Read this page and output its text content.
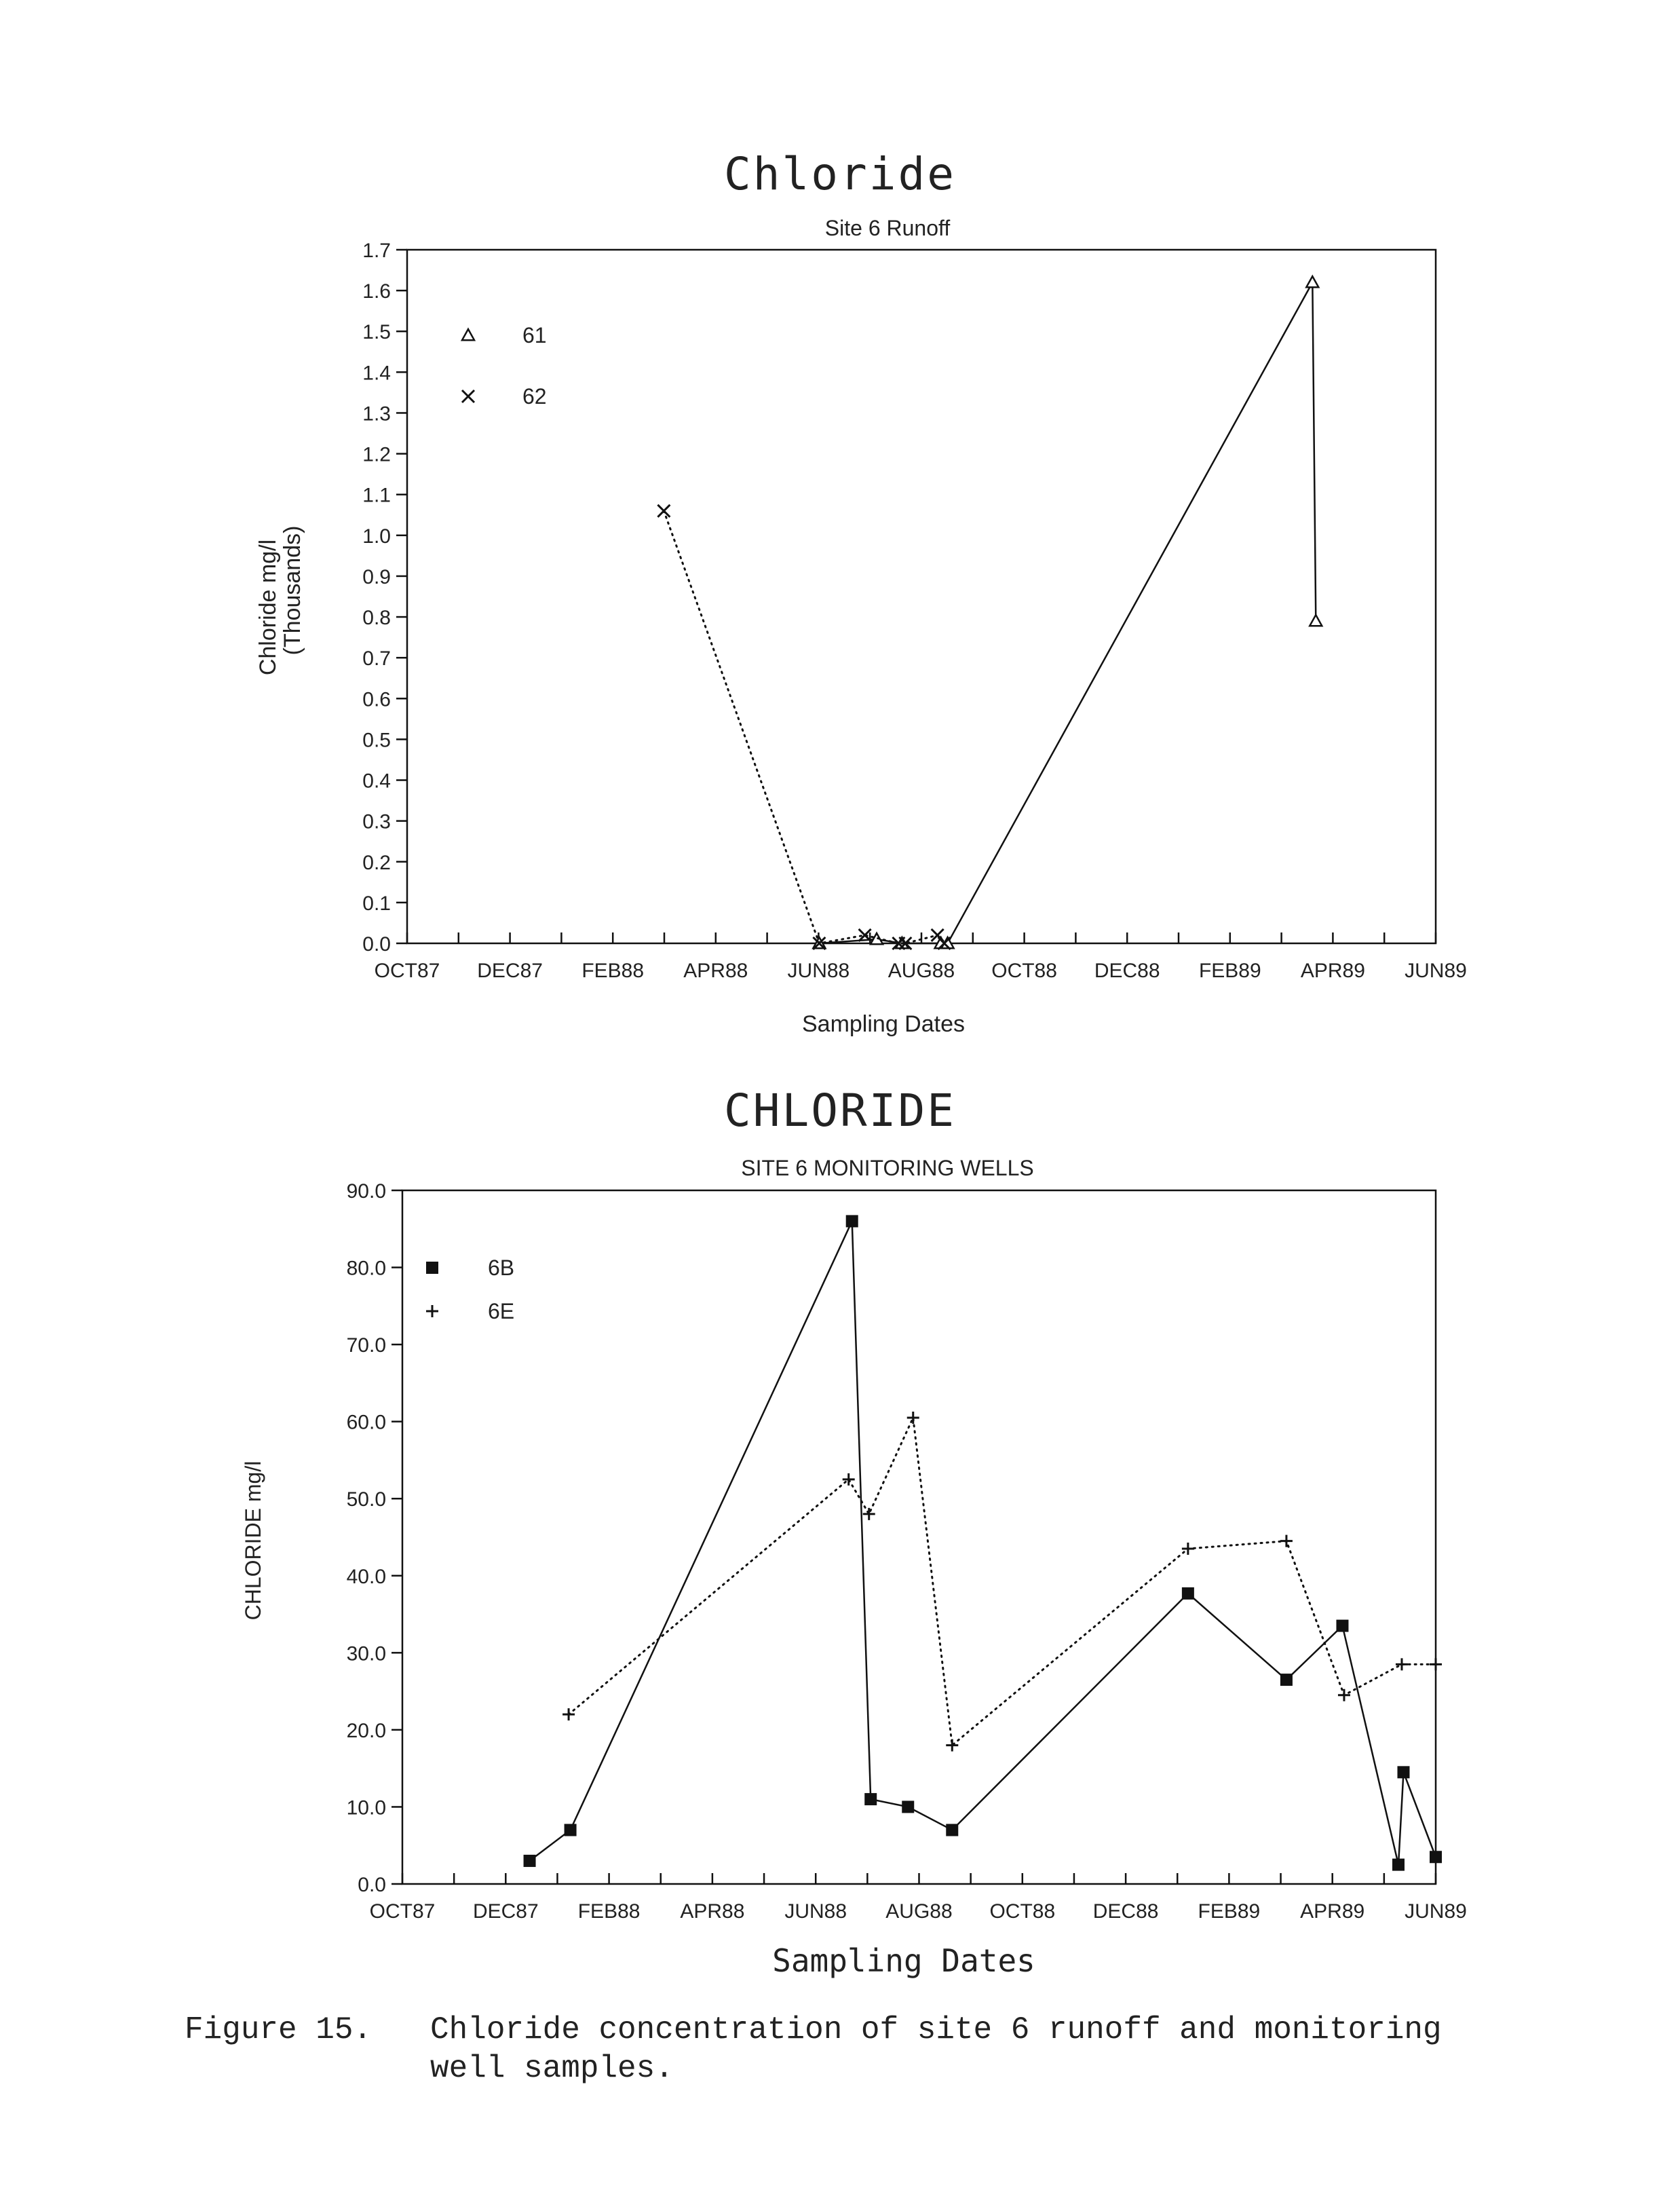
Chloride
Site 6 Runoff
CHLORIDE
SITE 6 MONITORING WELLS
0.0
0.1
0.2
0.3
0.4
0.5
0.6
0.7
0.8
0.9
1.0
1.1
1.2
1.3
1.4
1.5
1.6
1.7
OCT87 DEC87 FEB88 APR88 JUN88 AUG88 OCT88 DEC88 FEB89 APR89 JUN89
Chloride mg/l
(Thousands)
Sampling Dates
61
62
0.0
10.0
20.0
30.0
40.0
50.0
60.0
70.0
80.0
90.0
OCT87 DEC87 FEB88 APR88 JUN88 AUG88 OCT88 DEC88 FEB89 APR89 JUN89
CHLORIDE mg/l
Sampling Dates
6B
6E
Figure 15. Chloride concentration of site 6 runoff and monitoring
well samples.
